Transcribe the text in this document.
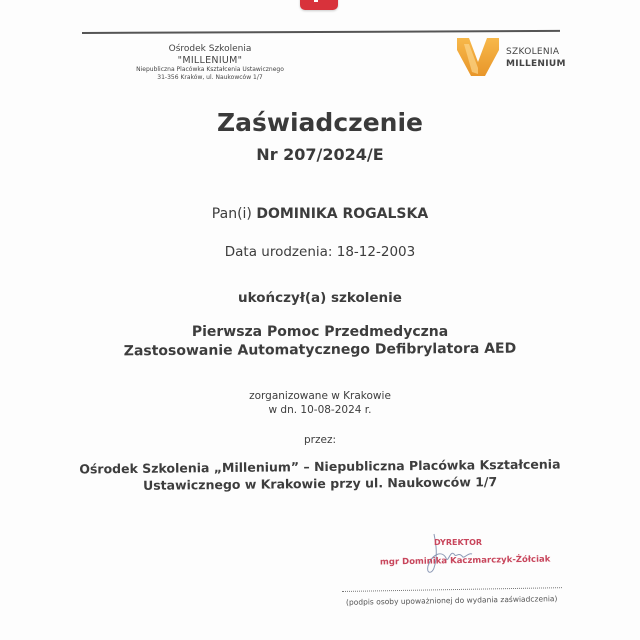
Ośrodek Szkolenia
"MILLENIUM"
Niepubliczna Placówka Kształcenia Ustawicznego
31-356 Kraków, ul. Naukowców 1/7
SZKOLENIA
MILLENIUM
Zaświadczenie
Nr 207/2024/E
Pan(i) DOMINIKA ROGALSKA
Data urodzenia: 18-12-2003
ukończył(a) szkolenie
Pierwsza Pomoc Przedmedyczna
Zastosowanie Automatycznego Defibrylatora AED
zorganizowane w Krakowie
w dn. 10-08-2024 r.
przez:
Ośrodek Szkolenia „Millenium” – Niepubliczna Placówka Kształcenia
Ustawicznego w Krakowie przy ul. Naukowców 1/7
DYREKTOR
mgr Dominika Kaczmarczyk-Żółciak
(podpis osoby upoważnionej do wydania zaświadczenia)
